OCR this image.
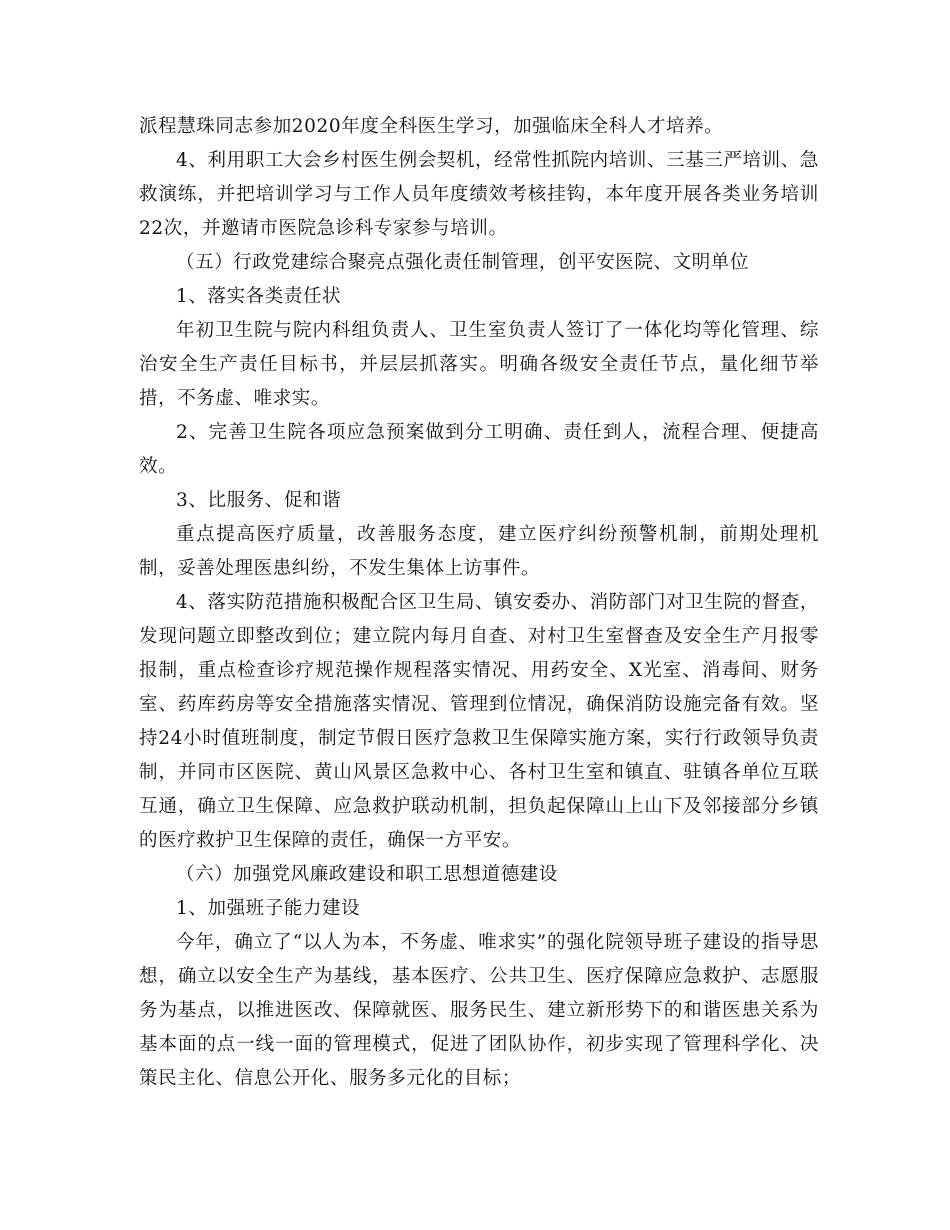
派程慧珠同志参加2020年度全科医生学习，加强临床全科人才培养。

4、利用职工大会乡村医生例会契机，经常性抓院内培训、三基三严培训、急救演练，并把培训学习与工作人员年度绩效考核挂钩，本年度开展各类业务培训22次，并邀请市医院急诊科专家参与培训。

（五）行政党建综合聚亮点强化责任制管理，创平安医院、文明单位

1、落实各类责任状

年初卫生院与院内科组负责人、卫生室负责人签订了一体化均等化管理、综治安全生产责任目标书，并层层抓落实。明确各级安全责任节点，量化细节举措，不务虚、唯求实。

2、完善卫生院各项应急预案做到分工明确、责任到人，流程合理、便捷高效。

3、比服务、促和谐

重点提高医疗质量，改善服务态度，建立医疗纠纷预警机制，前期处理机制，妥善处理医患纠纷，不发生集体上访事件。

4、落实防范措施积极配合区卫生局、镇安委办、消防部门对卫生院的督查，发现问题立即整改到位；建立院内每月自查、对村卫生室督查及安全生产月报零报制，重点检查诊疗规范操作规程落实情况、用药安全、X光室、消毒间、财务室、药库药房等安全措施落实情况、管理到位情况，确保消防设施完备有效。坚持24小时值班制度，制定节假日医疗急救卫生保障实施方案，实行行政领导负责制，并同市区医院、黄山风景区急救中心、各村卫生室和镇直、驻镇各单位互联互通，确立卫生保障、应急救护联动机制，担负起保障山上山下及邻接部分乡镇的医疗救护卫生保障的责任，确保一方平安。

（六）加强党风廉政建设和职工思想道德建设

1、加强班子能力建设

今年，确立了“以人为本，不务虚、唯求实”的强化院领导班子建设的指导思想，确立以安全生产为基线，基本医疗、公共卫生、医疗保障应急救护、志愿服务为基点，以推进医改、保障就医、服务民生、建立新形势下的和谐医患关系为基本面的点一线一面的管理模式，促进了团队协作，初步实现了管理科学化、决策民主化、信息公开化、服务多元化的目标；
